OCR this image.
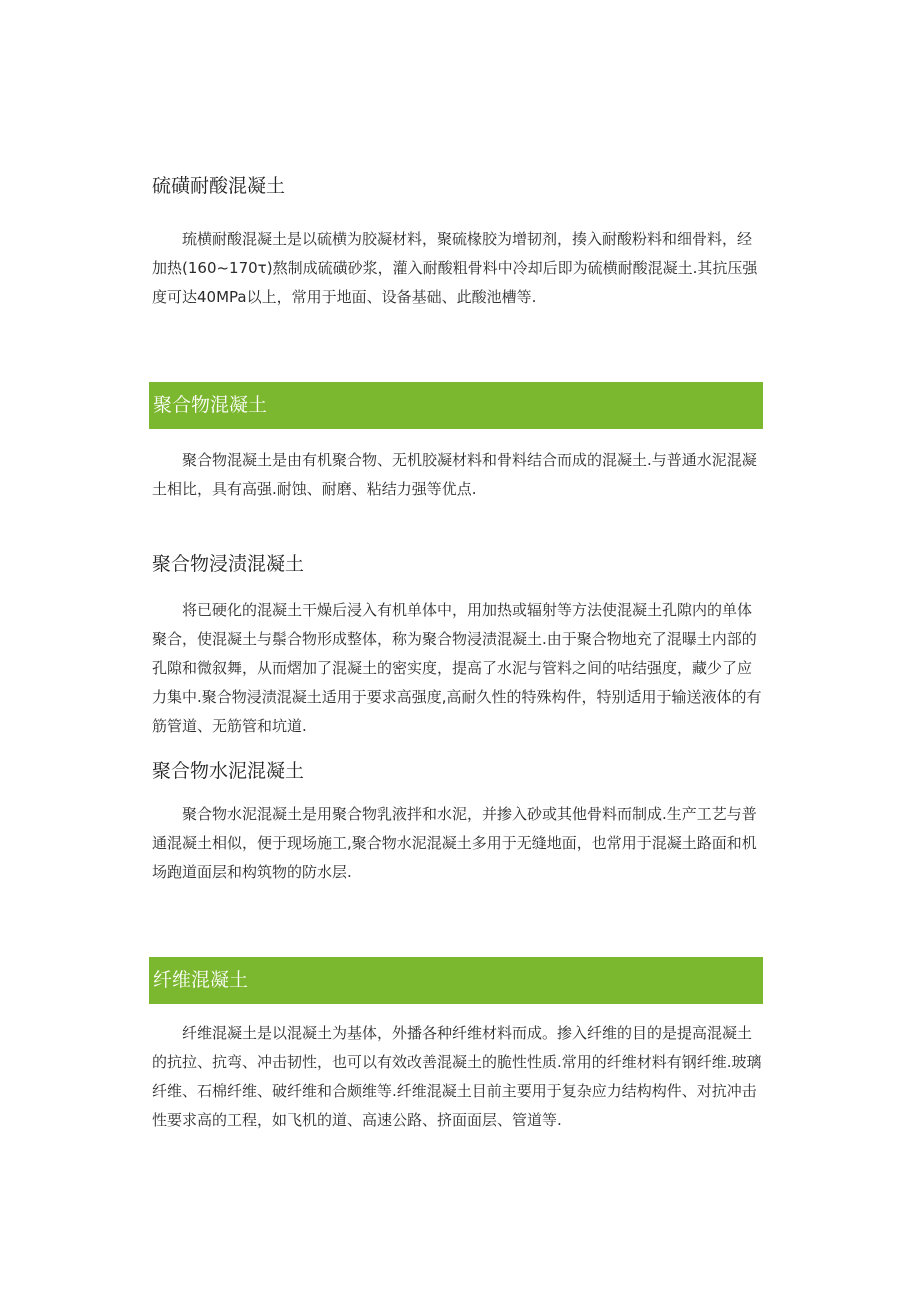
硫磺耐酸混凝土

琉横耐酸混凝土是以硫横为胶凝材料，聚硫椽胶为增韧剂，揍入耐酸粉料和细骨料，经加热(160~170τ)熬制成硫磺砂浆，灌入耐酸粗骨料中冷却后即为硫横耐酸混凝土.其抗压强度可达40MPa以上，常用于地面、设备基础、此酸池槽等.

聚合物混凝土

聚合物混凝土是由有机聚合物、无机胶凝材料和骨料结合而成的混凝土.与普通水泥混凝土相比，具有高强.耐蚀、耐磨、粘结力强等优点.

聚合物浸渍混凝土

将已硬化的混凝土干燥后浸入有机单体中，用加热或辐射等方法使混凝土孔隙内的单体聚合，使混凝土与鬃合物形成整体，称为聚合物浸渍混凝土.由于聚合物地充了混曝土内部的孔隙和微叙舞，从而熠加了混凝土的密实度，提高了水泥与管料之间的咕结强度，藏少了应力集中.聚合物浸渍混凝土适用于要求高强度,高耐久性的特殊构件，特别适用于输送液体的有筋管道、无筋管和坑道.

聚合物水泥混凝土

聚合物水泥混凝土是用聚合物乳液拌和水泥，并掺入砂或其他骨料而制成.生产工艺与普通混凝土相似，便于现场施工,聚合物水泥混凝土多用于无缝地面，也常用于混凝土路面和机场跑道面层和构筑物的防水层.

纤维混凝土

纤维混凝土是以混凝土为基体，外播各种纤维材料而成。掺入纤维的目的是提高混凝土的抗拉、抗弯、冲击韧性，也可以有效改善混凝土的脆性性质.常用的纤维材料有钢纤维.玻璃纤维、石棉纤维、破纤维和合颇维等.纤维混凝土目前主要用于复杂应力结构构件、对抗冲击性要求高的工程，如飞机的道、高速公路、挤面面层、管道等.
